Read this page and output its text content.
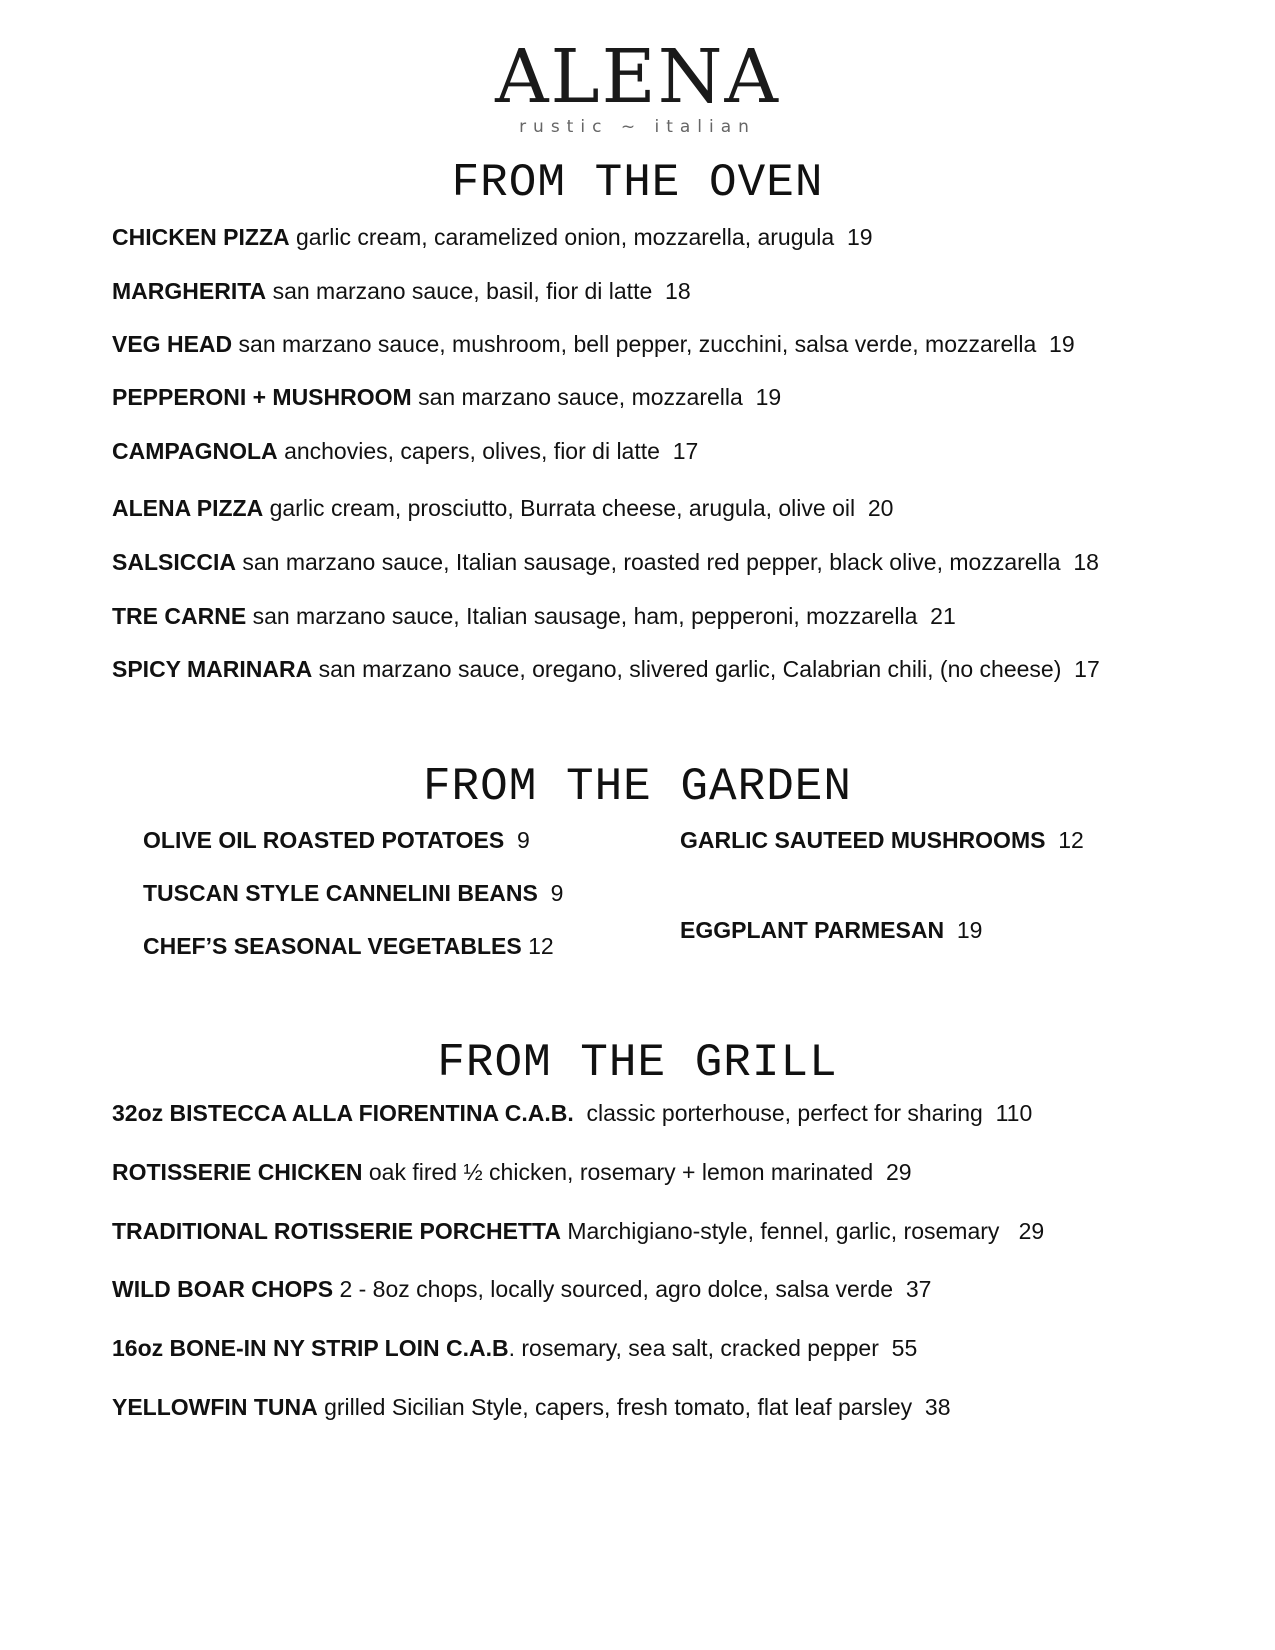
ALENA
rustic ~ italian
FROM THE OVEN
CHICKEN PIZZA garlic cream, caramelized onion, mozzarella, arugula 19
MARGHERITA san marzano sauce, basil, fior di latte 18
VEG HEAD san marzano sauce, mushroom, bell pepper, zucchini, salsa verde, mozzarella 19
PEPPERONI + MUSHROOM san marzano sauce, mozzarella 19
CAMPAGNOLA anchovies, capers, olives, fior di latte 17
ALENA PIZZA garlic cream, prosciutto, Burrata cheese, arugula, olive oil 20
SALSICCIA san marzano sauce, Italian sausage, roasted red pepper, black olive, mozzarella 18
TRE CARNE san marzano sauce, Italian sausage, ham, pepperoni, mozzarella 21
SPICY MARINARA san marzano sauce, oregano, slivered garlic, Calabrian chili, (no cheese) 17
FROM THE GARDEN
OLIVE OIL ROASTED POTATOES 9
TUSCAN STYLE CANNELINI BEANS 9
CHEF’S SEASONAL VEGETABLES 12
GARLIC SAUTEED MUSHROOMS 12
EGGPLANT PARMESAN 19
FROM THE GRILL
32oz BISTECCA ALLA FIORENTINA C.A.B. classic porterhouse, perfect for sharing 110
ROTISSERIE CHICKEN oak fired ½ chicken, rosemary + lemon marinated 29
TRADITIONAL ROTISSERIE PORCHETTA Marchigiano-style, fennel, garlic, rosemary 29
WILD BOAR CHOPS 2 - 8oz chops, locally sourced, agro dolce, salsa verde 37
16oz BONE-IN NY STRIP LOIN C.A.B. rosemary, sea salt, cracked pepper 55
YELLOWFIN TUNA grilled Sicilian Style, capers, fresh tomato, flat leaf parsley 38
